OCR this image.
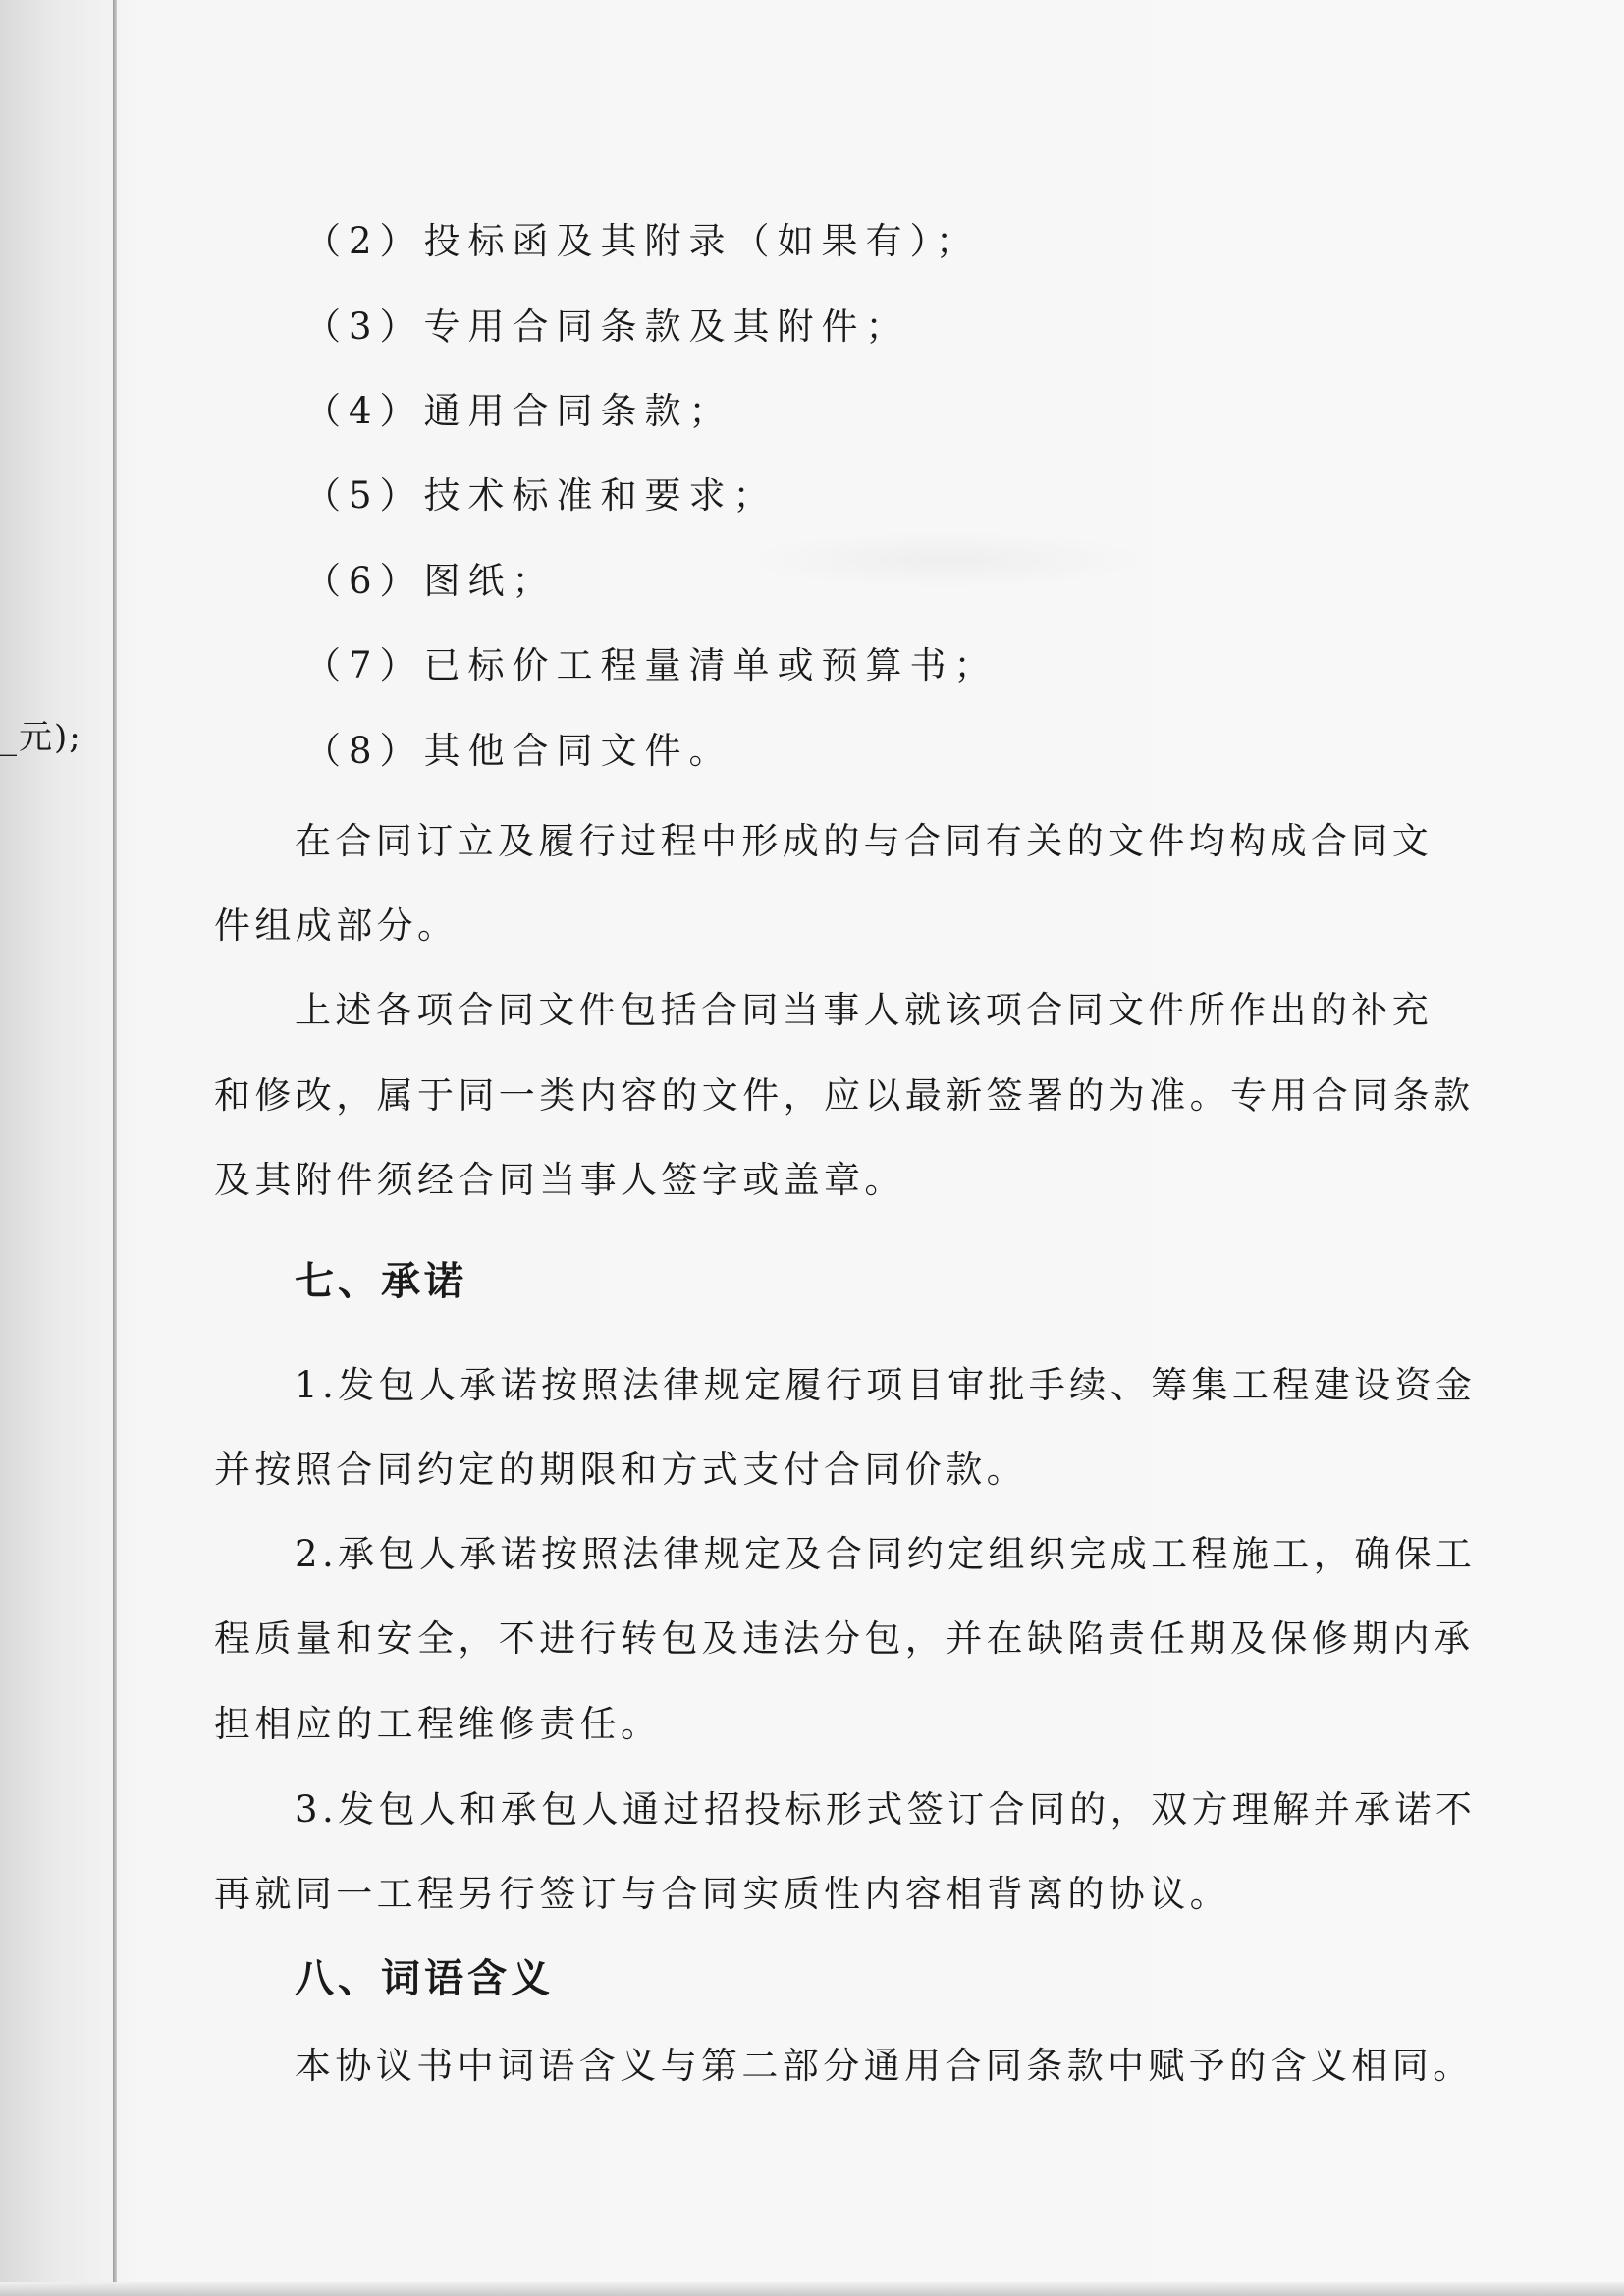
_元);
（2）投标函及其附录（如果有）；
（3）专用合同条款及其附件；
（4）通用合同条款；
（5）技术标准和要求；
（6）图纸；
（7）已标价工程量清单或预算书；
（8）其他合同文件。
在合同订立及履行过程中形成的与合同有关的文件均构成合同文
件组成部分。
上述各项合同文件包括合同当事人就该项合同文件所作出的补充
和修改，属于同一类内容的文件，应以最新签署的为准。专用合同条款
及其附件须经合同当事人签字或盖章。
七、承诺
1.发包人承诺按照法律规定履行项目审批手续、筹集工程建设资金
并按照合同约定的期限和方式支付合同价款。
2.承包人承诺按照法律规定及合同约定组织完成工程施工，确保工
程质量和安全，不进行转包及违法分包，并在缺陷责任期及保修期内承
担相应的工程维修责任。
3.发包人和承包人通过招投标形式签订合同的，双方理解并承诺不
再就同一工程另行签订与合同实质性内容相背离的协议。
八、词语含义
本协议书中词语含义与第二部分通用合同条款中赋予的含义相同。
